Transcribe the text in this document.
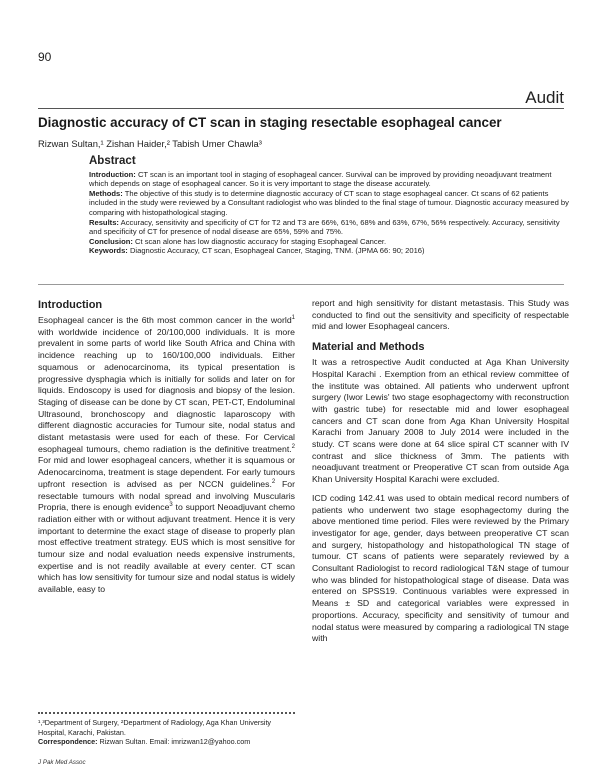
90
Audit
Diagnostic accuracy of CT scan in staging resectable esophageal cancer
Rizwan Sultan,¹ Zishan Haider,² Tabish Umer Chawla³
Abstract

Introduction: CT scan is an important tool in staging of esophageal cancer. Survival can be improved by providing neoadjuvant treatment which depends on stage of esophageal cancer. So it is very important to stage the disease accurately.

Methods: The objective of this study is to determine diagnostic accuracy of CT scan to stage esophageal cancer. Ct scans of 62 patients included in the study were reviewed by a Consultant radiologist who was blinded to the final stage of tumour. Diagnostic accuracy measured by comparing with histopathological staging.

Results: Accuracy, sensitivity and specificity of CT for T2 and T3 are 66%, 61%, 68% and 63%, 67%, 56% respectively. Accuracy, sensitivity and specificity of CT for presence of nodal disease are 65%, 59% and 75%.

Conclusion: Ct scan alone has low diagnostic accuracy for staging Esophageal Cancer.

Keywords: Diagnostic Accuracy, CT scan, Esophageal Cancer, Staging, TNM. (JPMA 66: 90; 2016)

Introduction

Esophageal cancer is the 6th most common cancer in the world$^1$ with worldwide incidence of 20/100,000 individuals. It is more prevalent in some parts of world like South Africa and China with incidence reaching up to 160/100,000 individuals. Either squamous or adenocarcinoma, its typical presentation is progressive dysphagia which is initially for solids and later on for liquids. Endoscopy is used for diagnosis and biopsy of the lesion. Staging of disease can be done by CT scan, PET-CT, Endoluminal Ultrasound, bronchoscopy and diagnostic laparoscopy with different diagnostic accuracies for Tumour site, nodal status and distant metastasis were used for each of these. For Cervical esophageal tumours, chemo radiation is the definitive treatment.$^2$ For mid and lower esophageal cancers, whether it is squamous or Adenocarcinoma, treatment is stage dependent. For early tumours upfront resection is advised as per NCCN guidelines.$^2$ For resectable tumours with nodal spread and involving Muscularis Propria, there is enough evidence$^3$ to support Neoadjuvant chemo radiation either with or without adjuvant treatment. Hence it is very important to determine the exact stage of disease to properly plan most effective treatment strategy. EUS which is most sensitive for tumour size and nodal evaluation needs expensive instruments, expertise and is not readily available at every center. CT scan which has low sensitivity for tumour size and nodal status is widely available, easy to

report and high sensitivity for distant metastasis. This Study was conducted to find out the sensitivity and specificity of respectable mid and lower Esophageal cancers.

Material and Methods

It was a retrospective Audit conducted at Aga Khan University Hospital Karachi . Exemption from an ethical review committee of the institute was obtained. All patients who underwent upfront surgery (Iwor Lewis' two stage esophagectomy with reconstruction with gastric tube) for resectable mid and lower esophageal cancers and CT scan done from Aga Khan University Hospital Karachi from January 2008 to July 2014 were included in the study. CT scans were done at 64 slice spiral CT scanner with IV contrast and slice thickness of 3mm. The patients with neoadjuvant treatment or Preoperative CT scan from outside Aga Khan University Hospital Karachi were excluded.

ICD coding 142.41 was used to obtain medical record numbers of patients who underwent two stage esophagectomy during the above mentioned time period. Files were reviewed by the Primary investigator for age, gender, days between preoperative CT scan and surgery, histopathology and histopathological TN stage of tumour. CT scans of patients were separately reviewed by a Consultant Radiologist to record radiological T&N stage of tumour who was blinded for histopathological stage of disease. Data was entered on SPSS19. Continuous variables were expressed in Means ± SD and categorical variables were expressed in proportions. Accuracy, specificity and sensitivity of tumour and nodal status were measured by comparing a radiological TN stage with

¹,³Department of Surgery, ²Department of Radiology, Aga Khan University Hospital, Karachi, Pakistan.

Correspondence: Rizwan Sultan. Email: imrizwan12@yahoo.com

J Pak Med Assoc
